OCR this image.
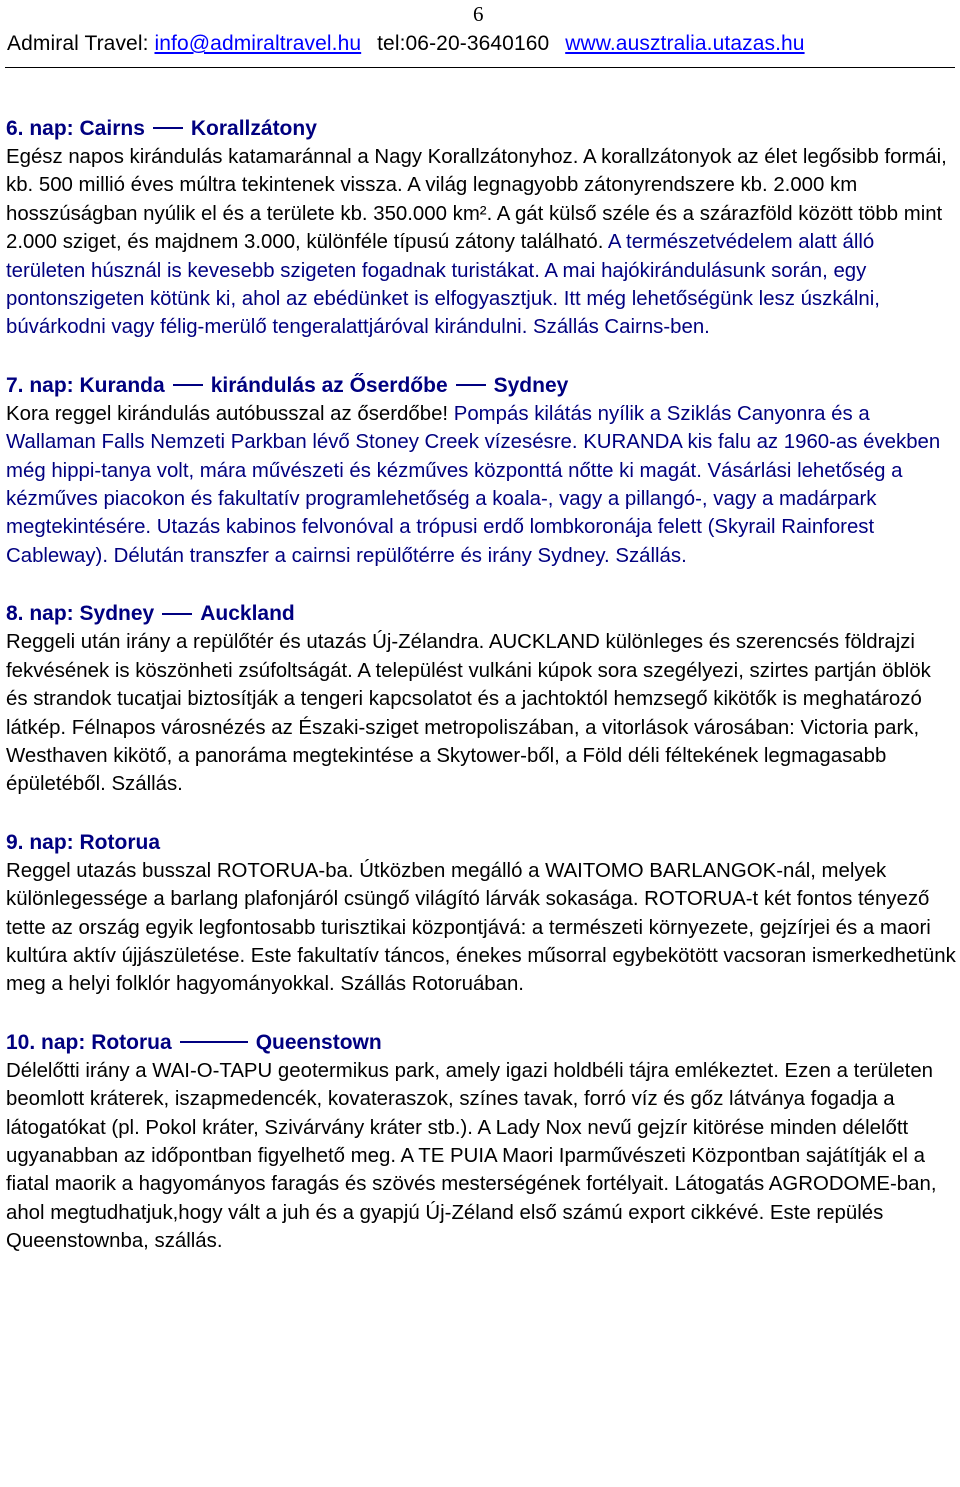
6
Admiral Travel: info@admiraltravel.hu tel:06-20-3640160 www.ausztralia.utazas.hu

6. nap: Cairns Korallzátony

Egész napos kirándulás katamaránnal a Nagy Korallzátonyhoz. A korallzátonyok az élet legősibb formái, kb. 500 millió éves múltra tekintenek vissza. A világ legnagyobb zátonyrendszere kb. 2.000 km hosszúságban nyúlik el és a területe kb. 350.000 km². A gát külső széle és a szárazföld között több mint 2.000 sziget, és majdnem 3.000, különféle típusú zátony található. A természetvédelem alatt álló területen húsznál is kevesebb szigeten fogadnak turistákat. A mai hajókirándulásunk során, egy pontonszigeten kötünk ki, ahol az ebédünket is elfogyasztjuk. Itt még lehetőségünk lesz úszkálni, búvárkodni vagy félig-merülő tengeralattjáróval kirándulni. Szállás Cairns-ben.

7. nap: Kuranda kirándulás az Őserdőbe Sydney

Kora reggel kirándulás autóbusszal az őserdőbe! Pompás kilátás nyílik a Sziklás Canyonra és a Wallaman Falls Nemzeti Parkban lévő Stoney Creek vízesésre. KURANDA kis falu az 1960-as években még hippi-tanya volt, mára művészeti és kézműves központtá nőtte ki magát. Vásárlási lehetőség a kézműves piacokon és fakultatív programlehetőség a koala-, vagy a pillangó-, vagy a madárpark megtekintésére. Utazás kabinos felvonóval a trópusi erdő lombkoronája felett (Skyrail Rainforest Cableway). Délután transzfer a cairnsi repülőtérre és irány Sydney. Szállás.

8. nap: Sydney Auckland

Reggeli után irány a repülőtér és utazás Új-Zélandra. AUCKLAND különleges és szerencsés földrajzi fekvésének is köszönheti zsúfoltságát. A települést vulkáni kúpok sora szegélyezi, szirtes partján öblök és strandok tucatjai biztosítják a tengeri kapcsolatot és a jachtoktól hemzsegő kikötők is meghatározó látkép. Félnapos városnézés az Északi-sziget metropoliszában, a vitorlások városában: Victoria park, Westhaven kikötő, a panoráma megtekintése a Skytower-ből, a Föld déli féltekének legmagasabb épületéből. Szállás.

9. nap: Rotorua

Reggel utazás busszal ROTORUA-ba. Útközben megálló a WAITOMO BARLANGOK-nál, melyek különlegessége a barlang plafonjáról csüngő világító lárvák sokasága. ROTORUA-t két fontos tényező tette az ország egyik legfontosabb turisztikai központjává: a természeti környezete, gejzírjei és a maori kultúra aktív újjászületése. Este fakultatív táncos, énekes műsorral egybekötött vacsoran ismerkedhetünk meg a helyi folklór hagyományokkal. Szállás Rotoruában.

10. nap: Rotorua	Queenstown

Délelőtti irány a WAI-O-TAPU geotermikus park, amely igazi holdbéli tájra emlékeztet. Ezen a területen beomlott kráterek, iszapmedencék, kovateraszok, színes tavak, forró víz és gőz látványa fogadja a látogatókat (pl. Pokol kráter, Szivárvány kráter stb.). A Lady Nox nevű gejzír kitörése minden délelőtt ugyanabban az időpontban figyelhető meg. A TE PUIA Maori Iparművészeti Központban sajátítják el a fiatal maorik a hagyományos faragás és szövés mesterségének fortélyait. Látogatás AGRODOME-ban, ahol megtudhatjuk,hogy vált a juh és a gyapjú Új-Zéland első számú export cikkévé. Este repülés Queenstownba, szállás.
